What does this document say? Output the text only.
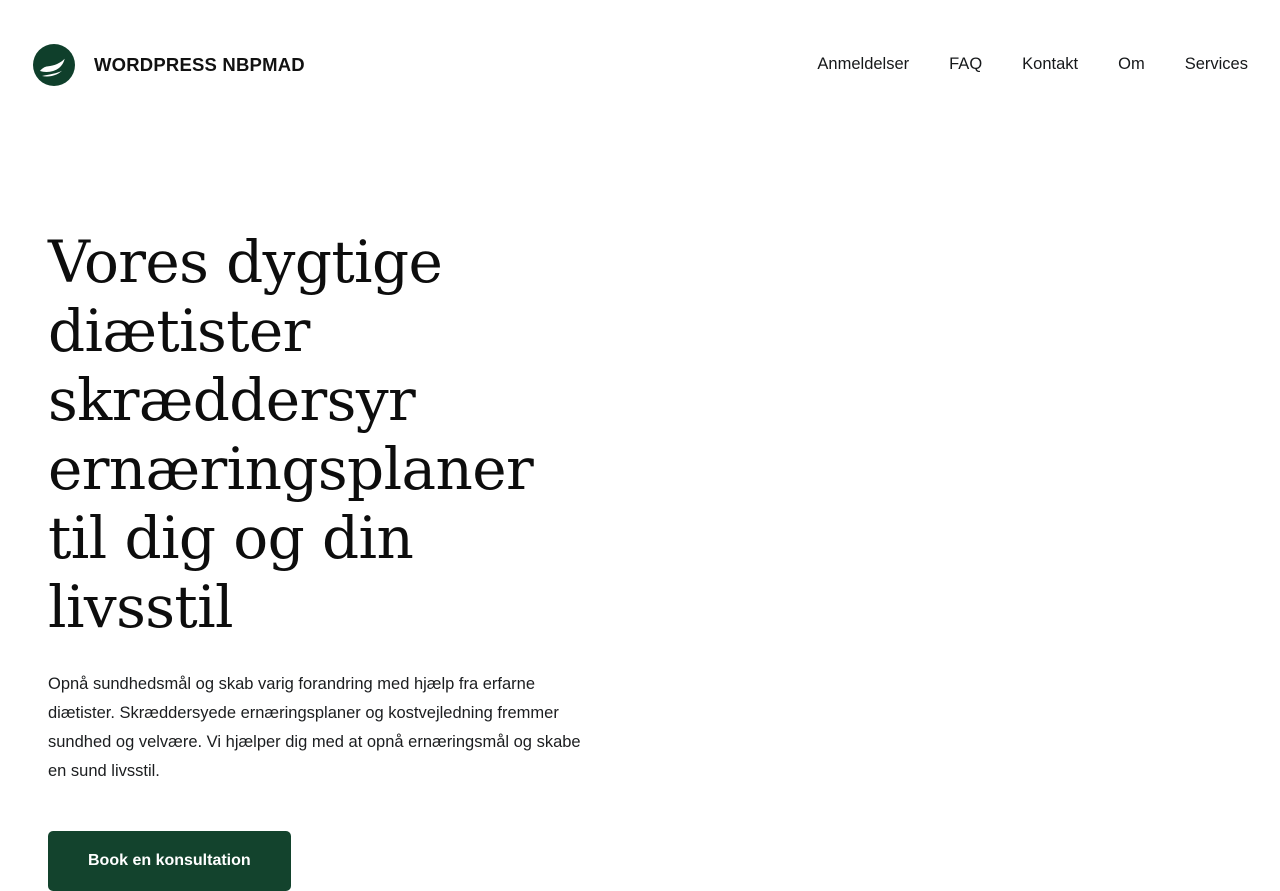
WORDPRESS NBPMAD	Anmeldelser	FAQ	Kontakt	Om	Services
Vores dygtige diætister skræddersyr ernæringsplaner til dig og din livsstil

Opnå sundhedsmål og skab varig forandring med hjælp fra erfarne diætister. Skræddersyede ernæringsplaner og kostvejledning fremmer sundhed og velvære. Vi hjælper dig med at opnå ernæringsmål og skabe en sund livsstil.

Book en konsultation
